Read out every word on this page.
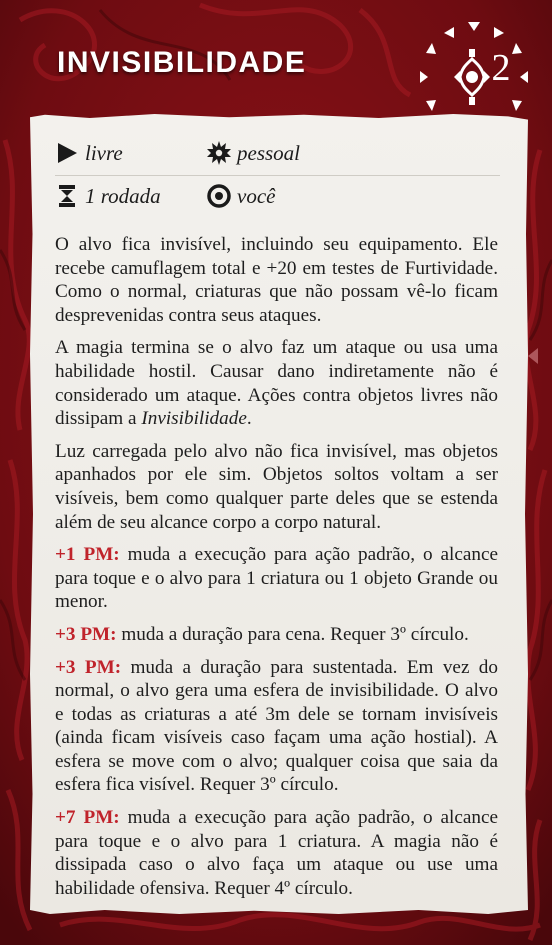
INVISIBILIDADE	2
livre	pessoal
1 rodada	você

O alvo fica invisível, incluindo seu equipamento. Ele recebe camuflagem total e +20 em testes de Furtividade. Como o normal, criaturas que não possam vê-lo ficam desprevenidas contra seus ataques.

A magia termina se o alvo faz um ataque ou usa uma habilidade hostil. Causar dano indiretamente não é considerado um ataque. Ações contra objetos livres não dissipam a Invisibilidade.

Luz carregada pelo alvo não fica invisível, mas objetos apanhados por ele sim. Objetos soltos voltam a ser visíveis, bem como qualquer parte deles que se estenda além de seu alcance corpo a corpo natural.

+1 PM: muda a execução para ação padrão, o alcance para toque e o alvo para 1 criatura ou 1 objeto Grande ou menor.

+3 PM: muda a duração para cena. Requer 3º círculo.

+3 PM: muda a duração para sustentada. Em vez do normal, o alvo gera uma esfera de invisibilidade. O alvo e todas as criaturas a até 3m dele se tornam invisíveis (ainda ficam visíveis caso façam uma ação hostial). A esfera se move com o alvo; qualquer coisa que saia da esfera fica visível. Requer 3º círculo.

+7 PM: muda a execução para ação padrão, o alcance para toque e o alvo para 1 criatura. A magia não é dissipada caso o alvo faça um ataque ou use uma habilidade ofensiva. Requer 4º círculo.
